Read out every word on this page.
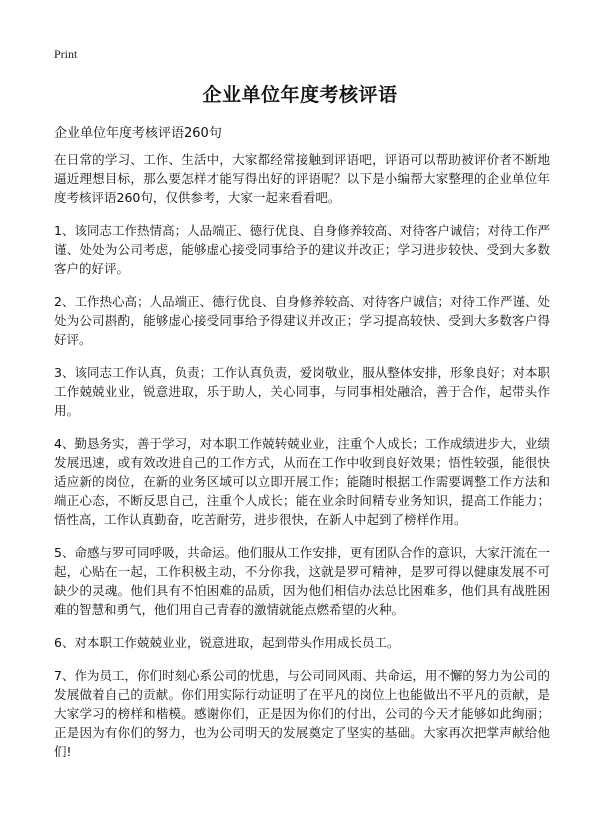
Print
企业单位年度考核评语

企业单位年度考核评语260句

在日常的学习、工作、生活中，大家都经常接触到评语吧，评语可以帮助被评价者不断地逼近理想目标，那么要怎样才能写得出好的评语呢？以下是小编帮大家整理的企业单位年度考核评语260句，仅供参考，大家一起来看看吧。

1、该同志工作热情高；人品端正、德行优良、自身修养较高、对待客户诚信；对待工作严谨、处处为公司考虑，能够虚心接受同事给予的建议并改正；学习进步较快、受到大多数客户的好评。

2、工作热心高；人品端正、德行优良、自身修养较高、对待客户诚信；对待工作严谨、处处为公司斟酌，能够虚心接受同事给予得建议并改正；学习提高较快、受到大多数客户得好评。

3、该同志工作认真，负责；工作认真负责，爱岗敬业，服从整体安排，形象良好；对本职工作兢兢业业，锐意进取，乐于助人，关心同事，与同事相处融洽，善于合作，起带头作用。

4、勤恳务实，善于学习，对本职工作兢转兢业业，注重个人成长；工作成绩进步大，业绩发展迅速，或有效改进自己的工作方式，从而在工作中收到良好效果；悟性较强，能很快适应新的岗位，在新的业务区域可以立即开展工作；能随时根据工作需要调整工作方法和端正心态，不断反思自己，注重个人成长；能在业余时间精专业务知识，提高工作能力；悟性高，工作认真勤奋，吃苦耐劳，进步很快，在新人中起到了榜样作用。

5、命感与罗可同呼吸，共命运。他们服从工作安排，更有团队合作的意识，大家汗流在一起，心贴在一起，工作积极主动，不分你我，这就是罗可精神，是罗可得以健康发展不可缺少的灵魂。他们具有不怕困难的品质，因为他们相信办法总比困难多，他们具有战胜困难的智慧和勇气，他们用自己青春的激情就能点燃希望的火种。

6、对本职工作兢兢业业，锐意进取，起到带头作用成长员工。

7、作为员工，你们时刻心系公司的忧患，与公司同风雨、共命运，用不懈的努力为公司的发展做着自己的贡献。你们用实际行动证明了在平凡的岗位上也能做出不平凡的贡献，是大家学习的榜样和楷模。感谢你们，正是因为你们的付出，公司的今天才能够如此绚丽；正是因为有你们的努力，也为公司明天的发展奠定了坚实的基础。大家再次把掌声献给他们!
